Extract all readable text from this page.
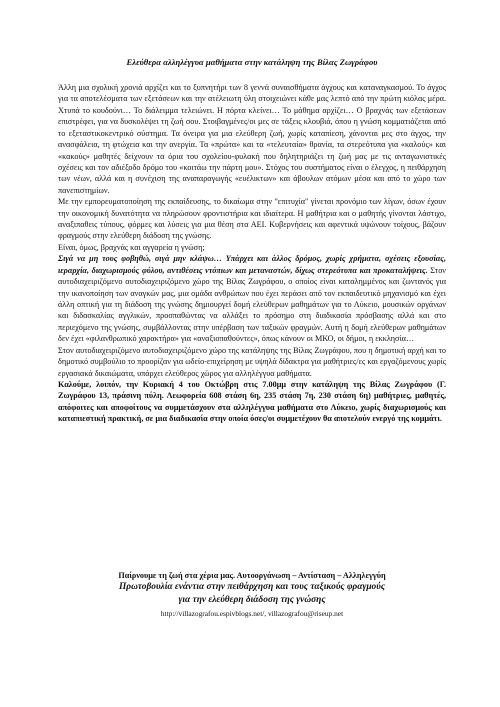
Ελεύθερα αλληλέγγυα μαθήματα στην κατάληψη της Βίλας Ζωγράφου

Άλλη μια σχολική χρονιά αρχίζει και το ξυπνητήρι των 8 γεννά συναισθήματα άγχους και καταναγκασμού. Το άγχος για τα αποτελέσματα των εξετάσεων και την ατέλειωτη ύλη στοιχειώνει κάθε μας λεπτό από την πρώτη κιόλας μέρα. Χτυπά το κουδούνι… Το διάλειμμα τελειώνει. Η πόρτα κλείνει… Το μάθημα αρχίζει… Ο βραχνάς των εξετάσεων επιστρέφει, για να δυσκολέψει τη ζωή σου. Στοιβαγμένες/οι μες σε τάξεις κλουβιά, όπου η γνώση κομματιάζεται από το εξεταστικοκεντρικό σύστημα. Τα όνειρα για μια ελεύθερη ζωή, χωρίς καταπίεση, χάνονται μες στο άγχος, την ανασφάλεια, τη φτώχεια και την ανεργία. Τα «πρώτα» και τα «τελευταία» θρανία, τα στερεότυπα για «καλούς» και «κακούς» μαθητές δείχνουν τα όρια του σχολείου-φυλακή που δηλητηριάζει τη ζωή μας με τις ανταγωνιστικές σχέσεις και τον αδιέξοδο δρόμο του «κοιτάω την πάρτη μου». Στόχος του συστήματος είναι ο έλεγχος, η πειθάρχηση των νέων, αλλά και η συνέχιση της αναπαραγωγής «ευέλικτων» και άβουλων ατόμων μέσα και από το χώρο των πανεπιστημίων.

Με την εμπορευματοποίηση της εκπαίδευσης, το δικαίωμα στην "επιτυχία" γίνεται προνόμιο των λίγων, όσων έχουν την οικονομική δυνατότητα να πληρώσουν φροντιστήρια και ιδιαίτερα. Η μαθήτρια και ο μαθητής γίνονται λάστιχο, αναξιπαθεις τύπους, φόρμες και λύσεις για μια θέση στα ΑΕΙ. Κυβερνήσεις και αφεντικά υψώνουν τοίχους, βάζουν φραγμούς στην ελεύθερη διάδοση της γνώσης.

Είναι, όμως, βραχνάς και αγγαρεία η γνώση;

Σιγά να μη τους φοβηθώ, σιγά μην κλάψω… Υπάρχει και άλλος δρόμος, χωρίς χρήματα, σχέσεις εξουσίας, ιεραρχία, διαχωρισμούς φύλου, αντιθέσεις ντόπιων και μεταναστών, δίχως στερεότυπα και προκαταλήψεις. Στον αυτοδιαχειριζόμενο αυτοδιαχειριζόμενο χώρο της Βίλας Ζωγράφου, ο οποίος είναι καταλημμένος και ζωντανός για την ικανοποίηση των αναγκών μας, μια ομάδα ανθρώπων που έχει περάσει από τον εκπαιδευτικό μηχανισμό και έχει άλλη οπτική για τη διάδοση της γνώσης δημιουργεί δομή ελεύθερων μαθημάτων για το Λύκειο, μουσικών οργάνων και διδασκαλίας αγγλικών, προσπαθώντας να αλλάξει το πρόσημο στη διαδικασία πρόσβασης αλλά και στο περιεχόμενο της γνώσης, συμβάλλοντας στην υπέρβαση των ταξικών φραγμών. Αυτή η δομή ελεύθερων μαθημάτων δεν έχει «φιλανθρωπικό χαρακτήρα» για «αναξιοπαθούντες», όπως κάνουν οι ΜΚΟ, οι δήμοι, η εκκλησία…

Στον αυτοδιαχειριζόμενο αυτοδιαχειριζόμενο χώρο της κατάληψης της Βίλας Ζωγράφου, που η δημοτική αρχή και το δημοτικό συμβούλιο το προορίζαν για ωδείο-επιχείρηση με υψηλά δίδακτρα για μαθήτριες/ες και εργαζόμενους χωρίς εργασιακά δικαιώματα, υπάρχει ελεύθερος χώρος για αλληλέγγυα μαθήματα.

Καλούμε, λοιπόν, την Κυριακή 4 του Οκτώβρη στις 7.00μμ στην κατάληψη της Βίλας Ζωγράφου (Γ. Ζωγράφου 13, πράσινη πύλη. Λεωφορεία 608 στάση 6η, 235 στάση 7η, 230 στάση 6η) μαθήτριες, μαθητές, απόφοιτες και αποφοίτους να συμμετάσχουν στα αλληλέγγυα μαθήματα στο Λύκειο, χωρίς διαχωρισμούς και καταπιεστική πρακτική, σε μια διαδικασία στην οποία όσες/οι συμμετέχουν θα αποτελούν ενεργό της κομμάτι.

Παίρνουμε τη ζωή στα χέρια μας. Αυτοοργάνωση – Αντίσταση – Αλληλεγγύη

Πρωτοβουλία ενάντια στην πειθάρχηση και τους ταξικούς φραγμούς

για την ελεύθερη διάδοση της γνώσης

http://villazografou.espivblogs.net/, villazografou@riseup.net
